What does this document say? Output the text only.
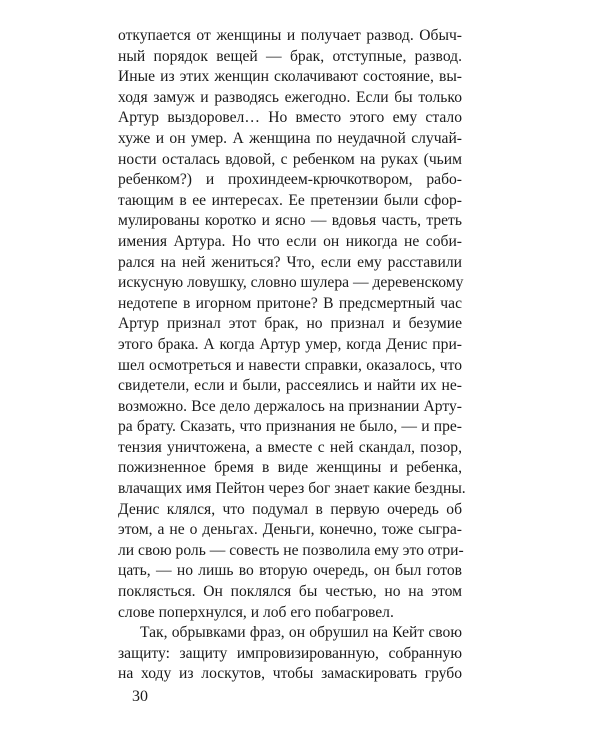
откупается от женщины и получает развод. Обыч-
ный порядок вещей — брак, отступные, развод.
Иные из этих женщин сколачивают состояние, вы-
ходя замуж и разводясь ежегодно. Если бы только
Артур выздоровел… Но вместо этого ему стало
хуже и он умер. А женщина по неудачной случай-
ности осталась вдовой, с ребенком на руках (чьим
ребенком?) и прохиндеем-крючкотвором, рабо-
тающим в ее интересах. Ее претензии были сфор-
мулированы коротко и ясно — вдовья часть, треть
имения Артура. Но что если он никогда не соби-
рался на ней жениться? Что, если ему расставили
искусную ловушку, словно шулера — деревенскому
недотепе в игорном притоне? В предсмертный час
Артур признал этот брак, но признал и безумие
этого брака. А когда Артур умер, когда Денис при-
шел осмотреться и навести справки, оказалось, что
свидетели, если и были, рассеялись и найти их не-
возможно. Все дело держалось на признании Арту-
ра брату. Сказать, что признания не было, — и пре-
тензия уничтожена, а вместе с ней скандал, позор,
пожизненное бремя в виде женщины и ребенка,
влачащих имя Пейтон через бог знает какие бездны.
Денис клялся, что подумал в первую очередь об
этом, а не о деньгах. Деньги, конечно, тоже сыгра-
ли свою роль — совесть не позволила ему это отри-
цать, — но лишь во вторую очередь, он был готов
поклясться. Он поклялся бы честью, но на этом
слове поперхнулся, и лоб его побагровел.
Так, обрывками фраз, он обрушил на Кейт свою
защиту: защиту импровизированную, собранную
на ходу из лоскутов, чтобы замаскировать грубо
30
